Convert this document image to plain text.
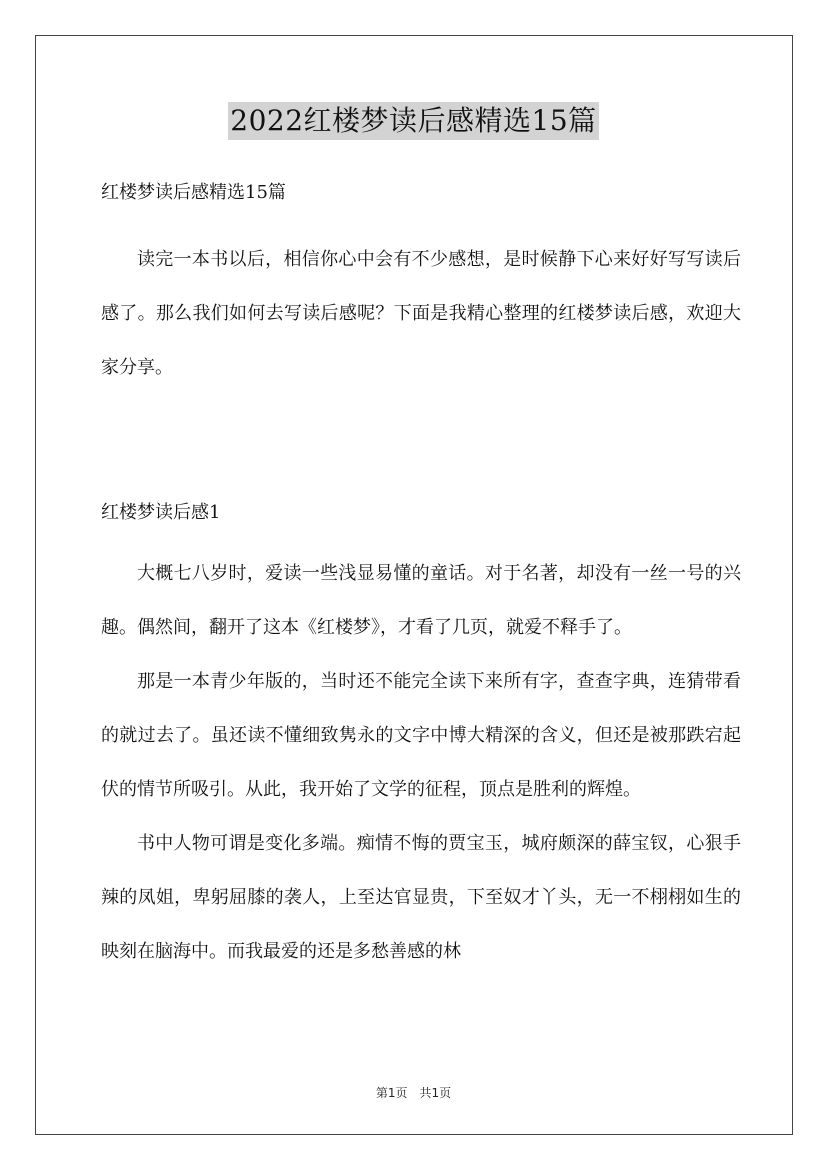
2022红楼梦读后感精选15篇

红楼梦读后感精选15篇

读完一本书以后，相信你心中会有不少感想，是时候静下心来好好写写读后感了。那么我们如何去写读后感呢？下面是我精心整理的红楼梦读后感，欢迎大家分享。

红楼梦读后感1

大概七八岁时，爱读一些浅显易懂的童话。对于名著，却没有一丝一号的兴趣。偶然间，翻开了这本《红楼梦》，才看了几页，就爱不释手了。

那是一本青少年版的，当时还不能完全读下来所有字，查查字典，连猜带看的就过去了。虽还读不懂细致隽永的文字中博大精深的含义，但还是被那跌宕起伏的情节所吸引。从此，我开始了文学的征程，顶点是胜利的辉煌。

书中人物可谓是变化多端。痴情不悔的贾宝玉，城府颇深的薛宝钗，心狠手辣的凤姐，卑躬屈膝的袭人，上至达官显贵，下至奴才丫头，无一不栩栩如生的映刻在脑海中。而我最爱的还是多愁善感的林

第1页　共1页
